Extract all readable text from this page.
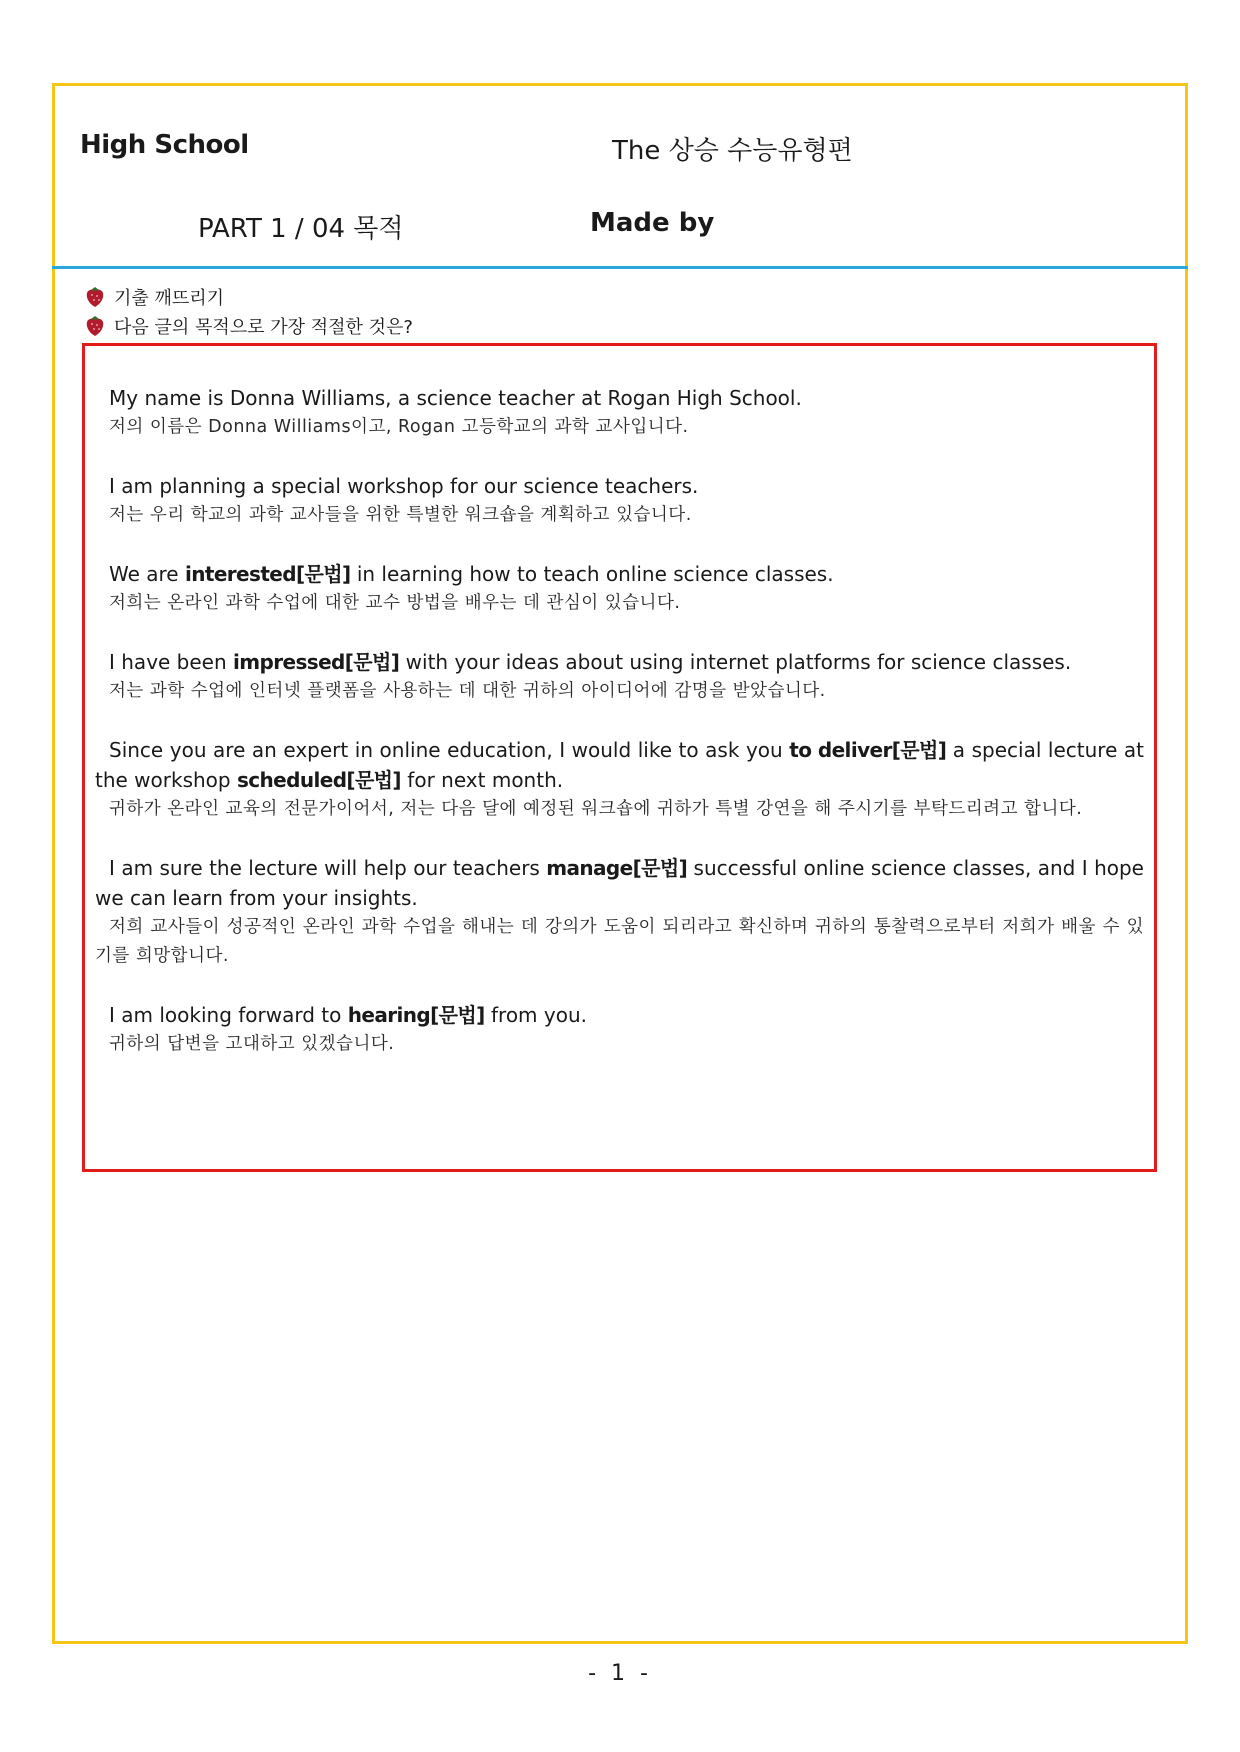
High School	The 상승 수능유형편
PART 1 / 04 목적	Made by
기출 깨뜨리기
다음 글의 목적으로 가장 적절한 것은?

My name is Donna Williams, a science teacher at Rogan High School.

저의 이름은 Donna Williams이고, Rogan 고등학교의 과학 교사입니다.

I am planning a special workshop for our science teachers.

저는 우리 학교의 과학 교사들을 위한 특별한 워크숍을 계획하고 있습니다.

We are interested[문법] in learning how to teach online science classes.

저희는 온라인 과학 수업에 대한 교수 방법을 배우는 데 관심이 있습니다.

I have been impressed[문법] with your ideas about using internet platforms for science classes.

저는 과학 수업에 인터넷 플랫폼을 사용하는 데 대한 귀하의 아이디어에 감명을 받았습니다.

Since you are an expert in online education, I would like to ask you to deliver[문법] a special lecture at the workshop scheduled[문법] for next month.

귀하가 온라인 교육의 전문가이어서, 저는 다음 달에 예정된 워크숍에 귀하가 특별 강연을 해 주시기를 부탁드리려고 합니다.

I am sure the lecture will help our teachers manage[문법] successful online science classes, and I hope we can learn from your insights.

저희 교사들이 성공적인 온라인 과학 수업을 해내는 데 강의가 도움이 되리라고 확신하며 귀하의 통찰력으로부터 저희가 배울 수 있기를 희망합니다.

I am looking forward to hearing[문법] from you.

귀하의 답변을 고대하고 있겠습니다.

- 1 -
